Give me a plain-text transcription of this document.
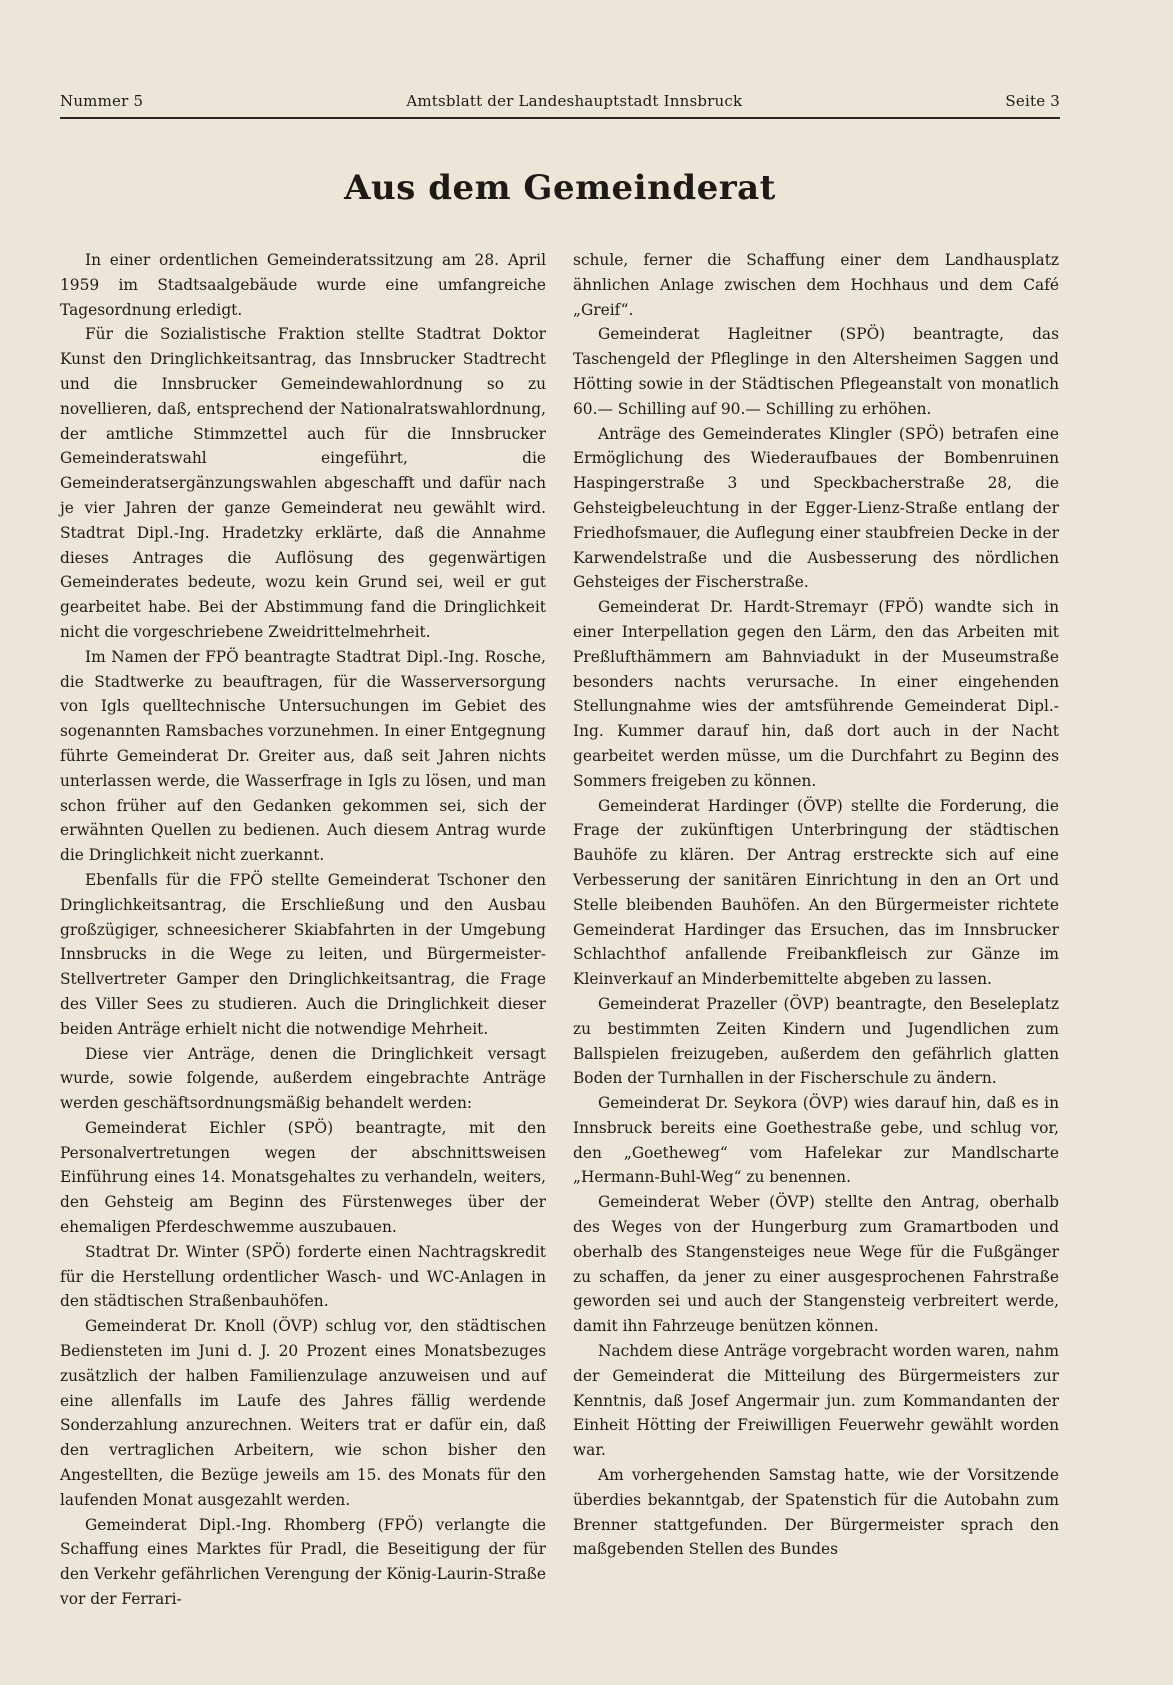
Nummer 5	Amtsblatt der Landeshauptstadt Innsbruck	Seite 3
Aus dem Gemeinderat

In einer ordentlichen Gemeinderatssitzung am 28. April 1959 im Stadtsaalgebäude wurde eine umfangreiche Tagesordnung erledigt.

Für die Sozialistische Fraktion stellte Stadtrat Doktor Kunst den Dringlichkeitsantrag, das Innsbrucker Stadtrecht und die Innsbrucker Gemeindewahlordnung so zu novellieren, daß, entsprechend der Nationalratswahlordnung, der amtliche Stimmzettel auch für die Innsbrucker Gemeinderatswahl eingeführt, die Gemeinderatsergänzungswahlen abgeschafft und dafür nach je vier Jahren der ganze Gemeinderat neu gewählt wird. Stadtrat Dipl.-Ing. Hradetzky erklärte, daß die Annahme dieses Antrages die Auflösung des gegenwärtigen Gemeinderates bedeute, wozu kein Grund sei, weil er gut gearbeitet habe. Bei der Abstimmung fand die Dringlichkeit nicht die vorgeschriebene Zweidrittelmehrheit.

Im Namen der FPÖ beantragte Stadtrat Dipl.-Ing. Rosche, die Stadtwerke zu beauftragen, für die Wasserversorgung von Igls quelltechnische Untersuchungen im Gebiet des sogenannten Ramsbaches vorzunehmen. In einer Entgegnung führte Gemeinderat Dr. Greiter aus, daß seit Jahren nichts unterlassen werde, die Wasserfrage in Igls zu lösen, und man schon früher auf den Gedanken gekommen sei, sich der erwähnten Quellen zu bedienen. Auch diesem Antrag wurde die Dringlichkeit nicht zuerkannt.

Ebenfalls für die FPÖ stellte Gemeinderat Tschoner den Dringlichkeitsantrag, die Erschließung und den Ausbau großzügiger, schneesicherer Skiabfahrten in der Umgebung Innsbrucks in die Wege zu leiten, und Bürgermeister-Stellvertreter Gamper den Dringlichkeitsantrag, die Frage des Viller Sees zu studieren. Auch die Dringlichkeit dieser beiden Anträge erhielt nicht die notwendige Mehrheit.

Diese vier Anträge, denen die Dringlichkeit versagt wurde, sowie folgende, außerdem eingebrachte Anträge werden geschäftsordnungsmäßig behandelt werden:

Gemeinderat Eichler (SPÖ) beantragte, mit den Personalvertretungen wegen der abschnittsweisen Einführung eines 14. Monatsgehaltes zu verhandeln, weiters, den Gehsteig am Beginn des Fürstenweges über der ehemaligen Pferdeschwemme auszubauen.

Stadtrat Dr. Winter (SPÖ) forderte einen Nachtragskredit für die Herstellung ordentlicher Wasch- und WC-Anlagen in den städtischen Straßenbauhöfen.

Gemeinderat Dr. Knoll (ÖVP) schlug vor, den städtischen Bediensteten im Juni d. J. 20 Prozent eines Monatsbezuges zusätzlich der halben Familienzulage anzuweisen und auf eine allenfalls im Laufe des Jahres fällig werdende Sonderzahlung anzurechnen. Weiters trat er dafür ein, daß den vertraglichen Arbeitern, wie schon bisher den Angestellten, die Bezüge jeweils am 15. des Monats für den laufenden Monat ausgezahlt werden.

Gemeinderat Dipl.-Ing. Rhomberg (FPÖ) verlangte die Schaffung eines Marktes für Pradl, die Beseitigung der für den Verkehr gefährlichen Verengung der König-Laurin-Straße vor der Ferrari-

schule, ferner die Schaffung einer dem Landhausplatz ähnlichen Anlage zwischen dem Hochhaus und dem Café „Greif“.

Gemeinderat Hagleitner (SPÖ) beantragte, das Taschengeld der Pfleglinge in den Altersheimen Saggen und Hötting sowie in der Städtischen Pflegeanstalt von monatlich 60.— Schilling auf 90.— Schilling zu erhöhen.

Anträge des Gemeinderates Klingler (SPÖ) betrafen eine Ermöglichung des Wiederaufbaues der Bombenruinen Haspingerstraße 3 und Speckbacherstraße 28, die Gehsteigbeleuchtung in der Egger-Lienz-Straße entlang der Friedhofsmauer, die Auflegung einer staubfreien Decke in der Karwendelstraße und die Ausbesserung des nördlichen Gehsteiges der Fischerstraße.

Gemeinderat Dr. Hardt-Stremayr (FPÖ) wandte sich in einer Interpellation gegen den Lärm, den das Arbeiten mit Preßlufthämmern am Bahnviadukt in der Museumstraße besonders nachts verursache. In einer eingehenden Stellungnahme wies der amtsführende Gemeinderat Dipl.-Ing. Kummer darauf hin, daß dort auch in der Nacht gearbeitet werden müsse, um die Durchfahrt zu Beginn des Sommers freigeben zu können.

Gemeinderat Hardinger (ÖVP) stellte die Forderung, die Frage der zukünftigen Unterbringung der städtischen Bauhöfe zu klären. Der Antrag erstreckte sich auf eine Verbesserung der sanitären Einrichtung in den an Ort und Stelle bleibenden Bauhöfen. An den Bürgermeister richtete Gemeinderat Hardinger das Ersuchen, das im Innsbrucker Schlachthof anfallende Freibankfleisch zur Gänze im Kleinverkauf an Minderbemittelte abgeben zu lassen.

Gemeinderat Prazeller (ÖVP) beantragte, den Beseleplatz zu bestimmten Zeiten Kindern und Jugendlichen zum Ballspielen freizugeben, außerdem den gefährlich glatten Boden der Turnhallen in der Fischerschule zu ändern.

Gemeinderat Dr. Seykora (ÖVP) wies darauf hin, daß es in Innsbruck bereits eine Goethestraße gebe, und schlug vor, den „Goetheweg“ vom Hafelekar zur Mandlscharte „Hermann-Buhl-Weg“ zu benennen.

Gemeinderat Weber (ÖVP) stellte den Antrag, oberhalb des Weges von der Hungerburg zum Gramartboden und oberhalb des Stangensteiges neue Wege für die Fußgänger zu schaffen, da jener zu einer ausgesprochenen Fahrstraße geworden sei und auch der Stangensteig verbreitert werde, damit ihn Fahrzeuge benützen können.

Nachdem diese Anträge vorgebracht worden waren, nahm der Gemeinderat die Mitteilung des Bürgermeisters zur Kenntnis, daß Josef Angermair jun. zum Kommandanten der Einheit Hötting der Freiwilligen Feuerwehr gewählt worden war.

Am vorhergehenden Samstag hatte, wie der Vorsitzende überdies bekanntgab, der Spatenstich für die Autobahn zum Brenner stattgefunden. Der Bürgermeister sprach den maßgebenden Stellen des Bundes
